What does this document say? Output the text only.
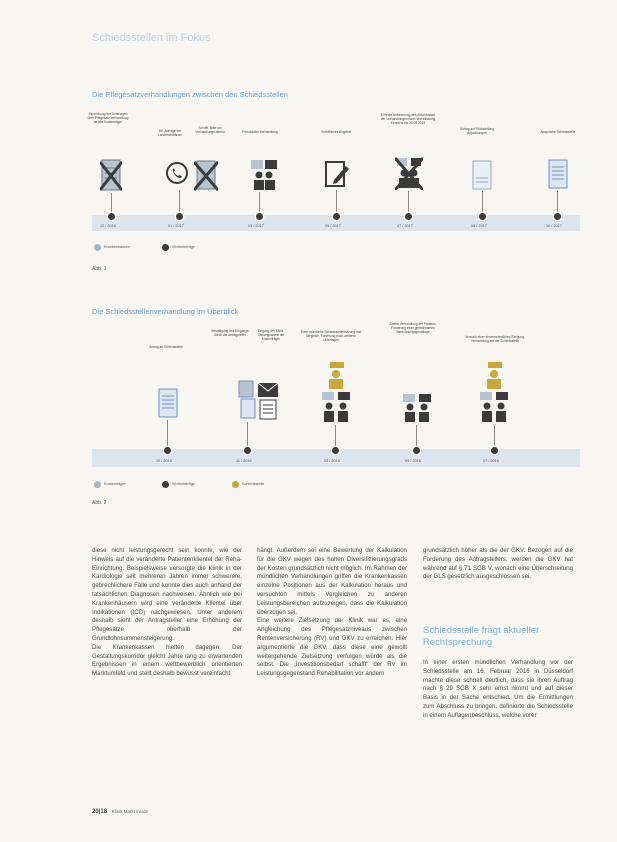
Schiedsstellen im Fokus
Die Pflegesatzverhandlungen zwischen den Schiedsstellen
Einreichung der Unterlagen über Pflegesatz-verhandlung an alle Kostenträger
Tel. Anfrage der Landesverbände
Schriftl. Bitte um Verhandlungs-termin	Persönliche Verhandlung	Schriftliches Angebot
Erneute Anforderung des Abschlusses der Verhandlungen nach Vereinbarung Kenntnis bis 30.09.2018
Antrag auf Rückstellung Anpassungen	Ansprüche Schiedsstelle
12 / 2016	01 / 2017	03 / 2017	05 / 2017	07 / 2017	08 / 2017	10 / 2017
Krankenkassen	Klinikeinträge
Abb. 1
Die Schiedsstellenverhandlung im Überblick
Antrag an Schiedsstelle
Bestätigung des Eingangs durch die Antragsteller
Eingang der Klinik, Stellungnahme der Kostenträger
Erste mündliche Schiedsstellensitzung und Vergleich, Forderung nach weiteren Unterlagen
Zweite Verhandlung der Parteien. Forderung einer gemeinsamen Berechnungsgrundlage
Versuch einer einvernehmlichen Einigung, Verhandlung mit der Schiedsstelle
10 / 2016	11 / 2016	03 / 2016	05 / 2016	07 / 2016
Kostenträger	Klinikeinträge	Schiedsstelle
Abb. 2
diese nicht leistungsgerecht sein konnte, wie der Hinweis auf die veränderte Patientenklientel der Reha-Einrichtung. Beispielsweise versorgte die Klinik in der Kardiologie seit mehreren Jahren immer schwerere, gebrechlichere Fälle und konnte dies auch anhand der tatsächlichen Diagnosen nachweisen. Ähnlich wie bei Krankenhäusern wird eine veränderte Klientel über Indikationen (ICD) nachgewiesen. Unter anderem deshalb sieht der Antragsteller eine Erhöhung der Pflegesätze oberhalb der Grundlohnsummensteigerung.
Die Krankenkassen hielten dagegen: Der Gestaltungskorridor gleicht Jahre lang zu erwartenden Ergebnissen in einem wettbewerblich orientierten Marktumfeld und stellt deshalb bewusst vereinfacht
hängt. Außerdem sei eine Bewertung der Kalkulation für die GKV wegen des hohen Diversifizierungsgrads der Kosten grundsätzlich nicht möglich. Im Rahmen der mündlichen Verhandlungen griffen die Krankenkassen einzelne Positionen aus der Kalkulation heraus und versuchten mittels Vergleichen zu anderen Leistungsbereichen aufzuzeigen, dass die Kalkulation überzogen sei.
Eine weitere Zielsetzung der Klinik war es, eine Angleichung des Pflegesatzniveaus zwischen Rentenversicherung (RV) und GKV zu erreichen. Hier argumentierte die GKV, dass diese eine gewollt weitergehende Zielsetzung verfolgen würde als die selbst. Die „Investitionsbedarf schafft“ der RV im Leistungsgegenstand Rehabilitation vor andern
grundsätzlich höher als die der GKV. Bezogen auf die Forderung des Antragstellers, werden die GKV hat während auf § 71 SGB V, wonach eine Überschreitung der GLS gesetzlich ausgeschlossen sei.
Schiedsstelle fragt aktueller Rechtsprechung
In einer ersten mündlichen Verhandlung vor der Schiedsstelle am 16. Februar 2016 in Düsseldorf machte diese schnell deutlich, dass sie ihren Auftrag nach § 29 SGB X sehr ernst nimmt und auf dieser Basis in der Sache entschied. Um die Ermittlungen zum Abschluss zu bringen, definierte die Schiedsstelle in einem Auflagenbeschluss, welche vorer
20|18 Klinik Markt inside
